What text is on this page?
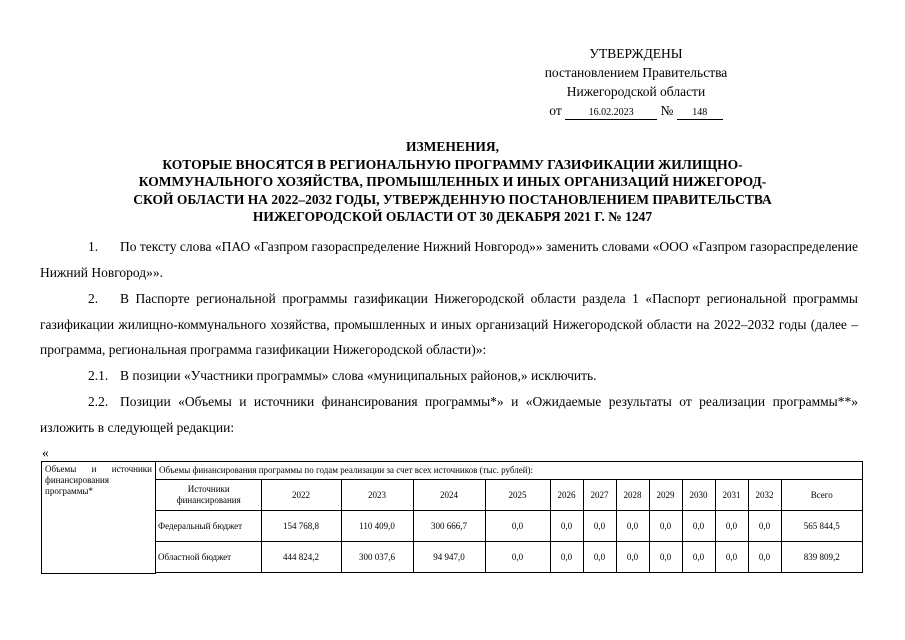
УТВЕРЖДЕНЫ
постановлением Правительства
Нижегородской области
от	16.02.2023 № 148
ИЗМЕНЕНИЯ,
КОТОРЫЕ ВНОСЯТСЯ В РЕГИОНАЛЬНУЮ ПРОГРАММУ ГАЗИФИКАЦИИ ЖИЛИЩНО-
КОММУНАЛЬНОГО ХОЗЯЙСТВА, ПРОМЫШЛЕННЫХ И ИНЫХ ОРГАНИЗАЦИЙ НИЖЕГОРОД-
СКОЙ ОБЛАСТИ НА 2022–2032 ГОДЫ, УТВЕРЖДЕННУЮ ПОСТАНОВЛЕНИЕМ ПРАВИТЕЛЬСТВА
НИЖЕГОРОДСКОЙ ОБЛАСТИ ОТ 30 ДЕКАБРЯ 2021 Г. № 1247
1. По тексту слова «ПАО «Газпром газораспределение Нижний Новгород»» заменить словами «ООО «Газпром газораспределение Нижний Новгород»».
2. В Паспорте региональной программы газификации Нижегородской области раздела 1 «Паспорт региональной программы газификации жилищно-коммунального хозяйства, промышленных и иных организаций Нижегородской области на 2022–2032 годы (далее – программа, региональная программа газификации Нижегородской области)»:
2.1. В позиции «Участники программы» слова «муниципальных районов,» исключить.
2.2. Позиции «Объемы и источники финансирования программы*» и «Ожидаемые результаты от реализации программы**» изложить в следующей редакции:
«
Объемы и источники финансирования программы*	Объемы финансирования программы по годам реализации за счет всех источников (тыс. рублей):

Источники финансирования	2022	2023	2024	2025	2026	2027	2028	2029	2030	2031	2032	Всего
Федеральный бюджет	154 768,8	110 409,0	300 666,7	0,0	0,0	0,0	0,0	0,0	0,0	0,0	0,0	565 844,5
Областной бюджет	444 824,2	300 037,6	94 947,0	0,0	0,0	0,0	0,0	0,0	0,0	0,0	0,0	839 809,2
